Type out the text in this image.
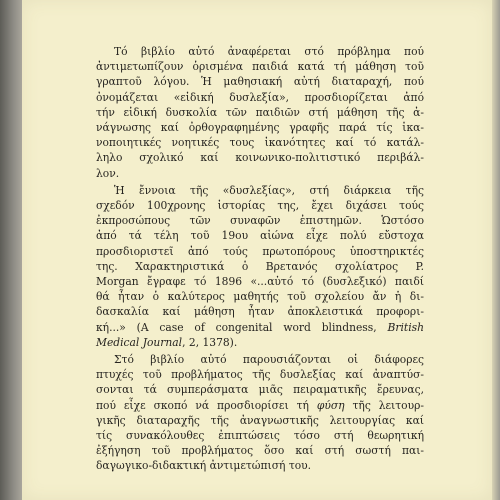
Τό βιβλίο αὐτό ἀναφέρεται στό πρόβλημα πού
ἀντιμετωπίζουν ὁρισμένα παιδιά κατά τή μάθηση τοῦ
γραπτοῦ λόγου. Ἡ μαθησιακή αὐτή διαταραχή, πού
ὀνομάζεται «εἰδική δυσλεξία», προσδιορίζεται ἀπό
τήν εἰδική δυσκολία τῶν παιδιῶν στή μάθηση τῆς ἀ-
νάγνωσης καί ὀρθογραφημένης γραφῆς παρά τίς ἱκα-
νοποιητικές νοητικές τους ἱκανότητες καί τό κατάλ-
ληλο σχολικό καί κοινωνικο-πολιτιστικό περιβάλ-
λον.

Ἡ ἔννοια τῆς «δυσλεξίας», στή διάρκεια τῆς
σχεδόν 100χρονης ἱστορίας της, ἔχει διχάσει τούς
ἐκπροσώπους τῶν συναφῶν ἐπιστημῶν. Ὡστόσο
ἀπό τά τέλη τοῦ 19ου αἰώνα εἶχε πολύ εὔστοχα
προσδιοριστεῖ ἀπό τούς πρωτοπόρους ὑποστηρικτές
της. Χαρακτηριστικά ὁ Βρετανός σχολίατρος P.
Morgan ἔγραφε τό 1896 «...αὐτό τό (δυσλεξικό) παιδί
θά ἦταν ὁ καλύτερος μαθητής τοῦ σχολείου ἄν ἡ δι-
δασκαλία καί μάθηση ἦταν ἀποκλειστικά προφορι-
κή...» (A case of congenital word blindness, British
Medical Journal, 2, 1378).

Στό βιβλίο αὐτό παρουσιάζονται οἱ διάφορες
πτυχές τοῦ προβλήματος τῆς δυσλεξίας καί ἀναπτύσ-
σονται τά συμπεράσματα μιᾶς πειραματικῆς ἔρευνας,
πού εἶχε σκοπό νά προσδιορίσει τή φύση τῆς λειτουρ-
γικῆς διαταραχῆς τῆς ἀναγνωστικῆς λειτουργίας καί
τίς συνακόλουθες ἐπιπτώσεις τόσο στή θεωρητική
ἐξήγηση τοῦ προβλήματος ὅσο καί στή σωστή παι-
δαγωγικο-διδακτική ἀντιμετώπισή του.
